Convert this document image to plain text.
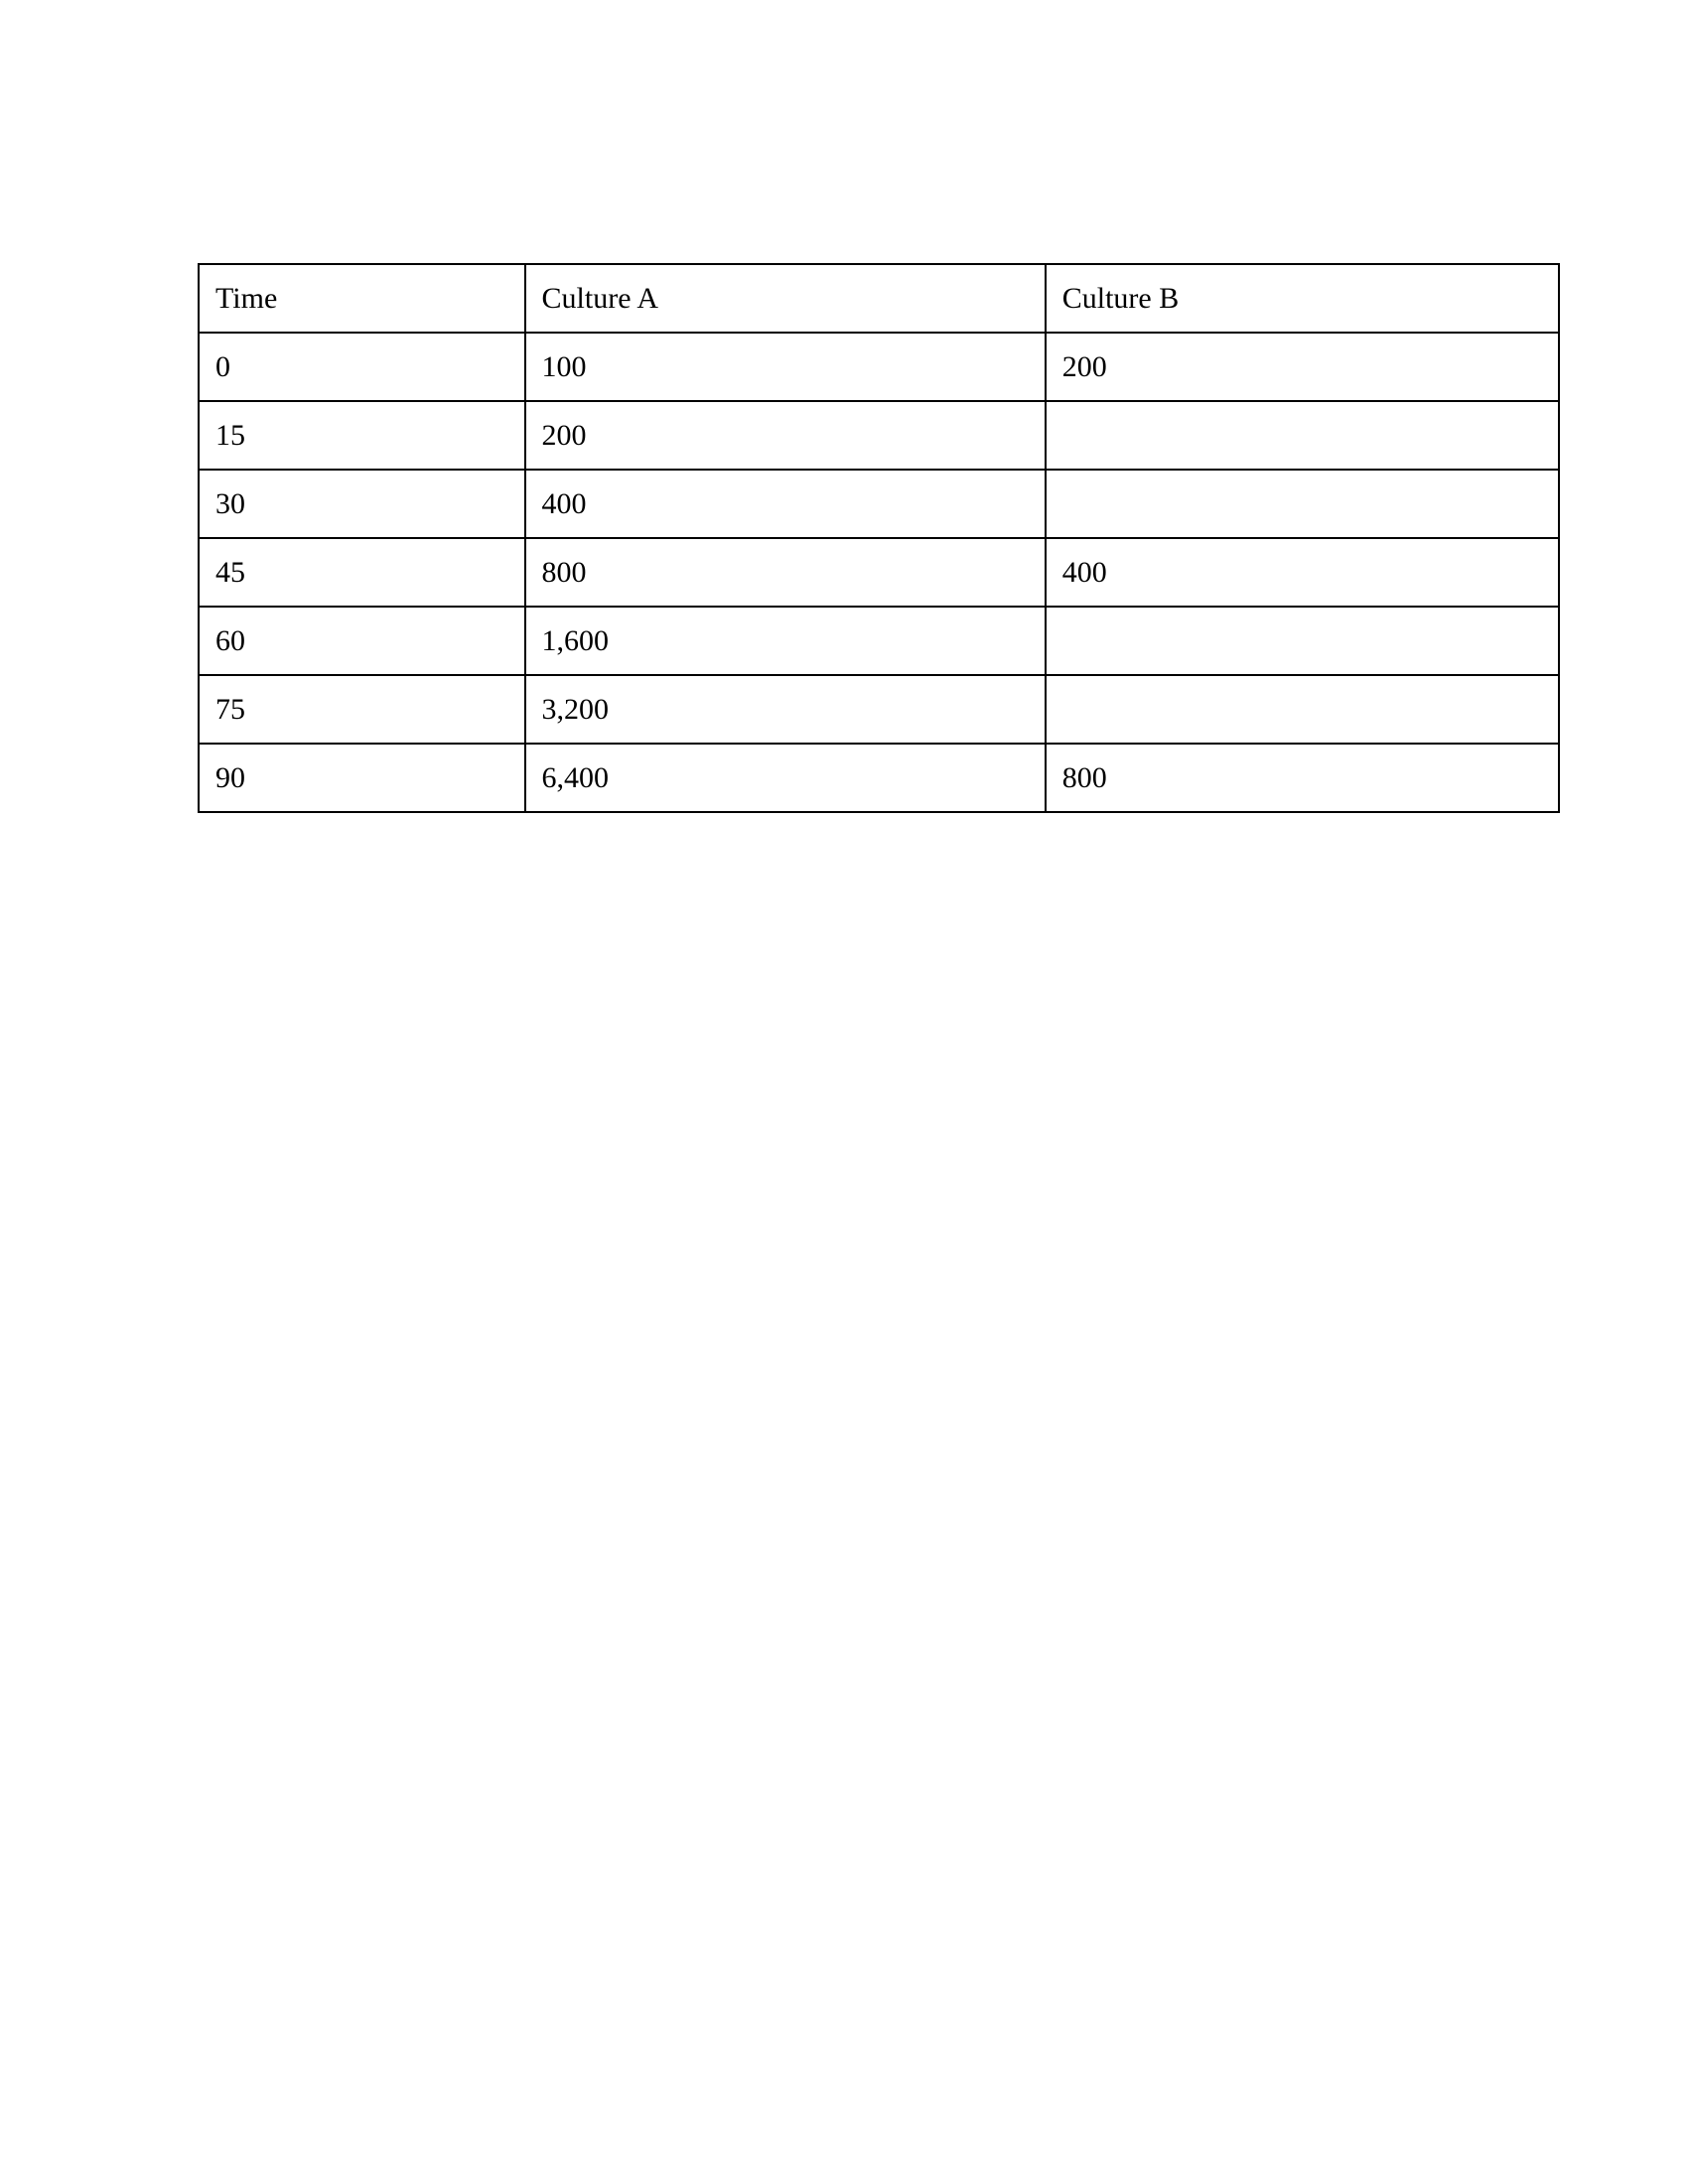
Time	Culture A	Culture B
0	100	200
15	200	
30	400	
45	800	400
60	1,600	
75	3,200	
90	6,400	800
